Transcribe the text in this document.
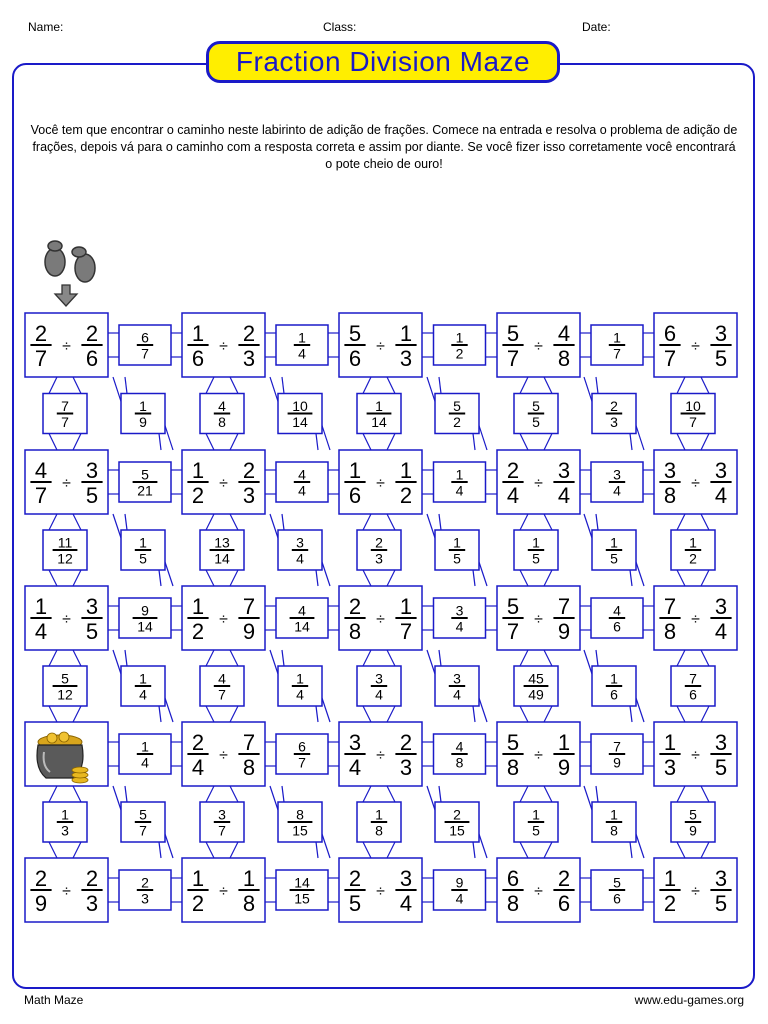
Name:	Class:	Date:
Fraction Division Maze
Você tem que encontrar o caminho neste labirinto de adição de frações. Comece na entrada e resolva o problema de adição de frações, depois vá para o caminho com a resposta correta e assim por diante. Se você fizer isso corretamente você encontrará o pote cheio de ouro!
2
7 ÷
2
6
1
6 ÷
2
3
5
6 ÷
1
3
5
7 ÷
4
8
6
7 ÷
3
5
4
7 ÷
3
5
1
2 ÷
2
3
1
6 ÷
1
2
2
4 ÷
3
4
3
8 ÷
3
4
1
4 ÷
3
5
1
2 ÷
7
9
2
8 ÷
1
7
5
7 ÷
7
9
7
8 ÷
3
4
2
4 ÷
7
8
3
4 ÷
2
3
5
8 ÷
1
9
1
3 ÷
3
5
2
9 ÷
2
3
1
2 ÷
1
8
2
5 ÷
3
4
6
8 ÷
2
6
1
2 ÷
3
5
6
7
1
4
1
2
1
7
5
21
4
4
1
4
3
4
9
14
4
14
3
4
4
6
1
4
6
7
4
8
7
9
2
3
14
15
9
4
5
6
7
7
1
9
4
8
10
14
1
14
5
2
5
5
2
3
10
7
11
12
1
5
13
14
3
4
2
3
1
5
1
5
1
5
1
2
5
12
1
4
4
7
1
4
3
4
3
4
45
49
1
6
7
6
1
3
5
7
3
7
8
15
1
8
2
15
1
5
1
8
5
9
Math Maze	www.edu-games.org
